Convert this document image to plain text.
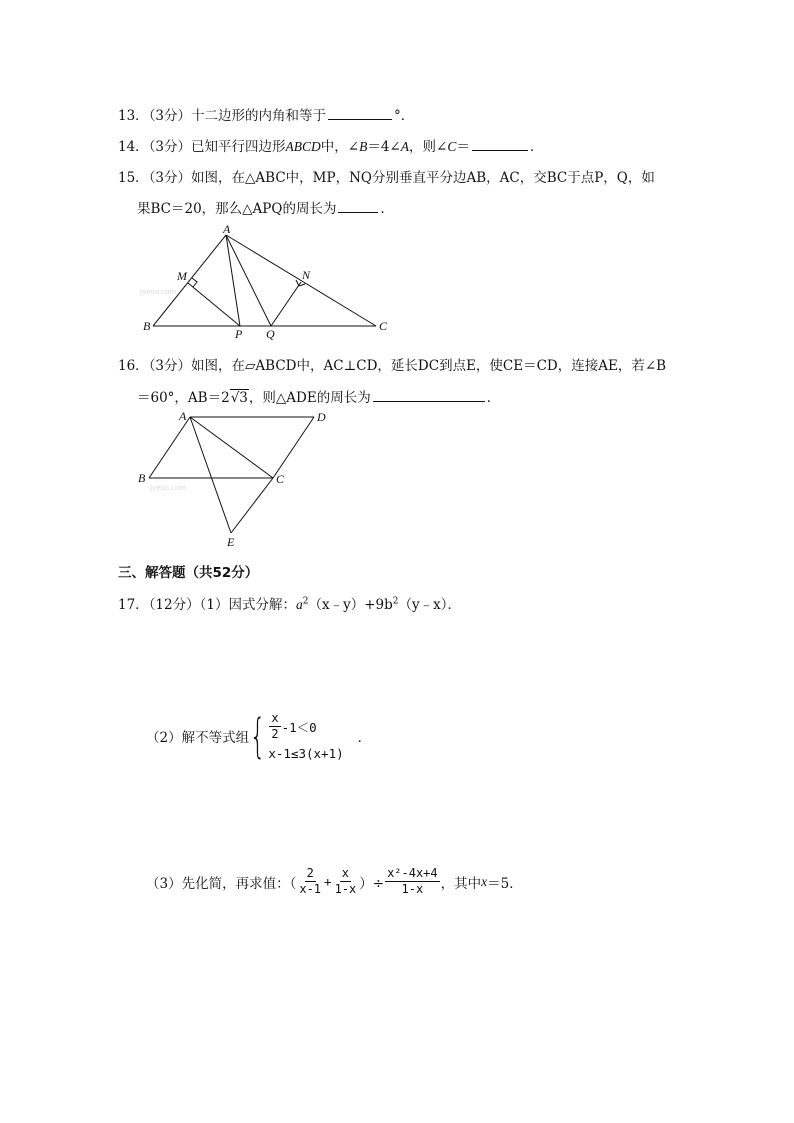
13．（3分）十二边形的内角和等于	°．
14．（3分）已知平行四边形ABCD中，∠B＝4∠A，则∠C＝	．
15．（3分）如图，在△ABC中，MP，NQ分别垂直平分边AB，AC，交BC于点P，Q，如
果BC＝20，那么△APQ的周长为	．
Jyeoo.com
A
B	C
M	N
P Q
16．（3分）如图，在▱ABCD中，AC⊥CD，延长DC到点E，使CE＝CD，连接AE，若∠B
＝60°，AB＝2√3，则△ADE的周长为	．
Jyeoo.com
A	D
B	C
E
三、解答题（共52分）
17．（12分）（1）因式分解：$a^2(x﹣y)+9b^2(y﹣x)$．
（2）解不等式组 { $\frac{x}{2} -1<0$
x-1≤3(x+1)
．
（3）先化简，再求值：（ $\frac{2}{x-1} + \frac{x}{1-x}$ ）÷ $\frac{\text{x²-4x+4}}{1-x}$ ，其中 x ＝5．
